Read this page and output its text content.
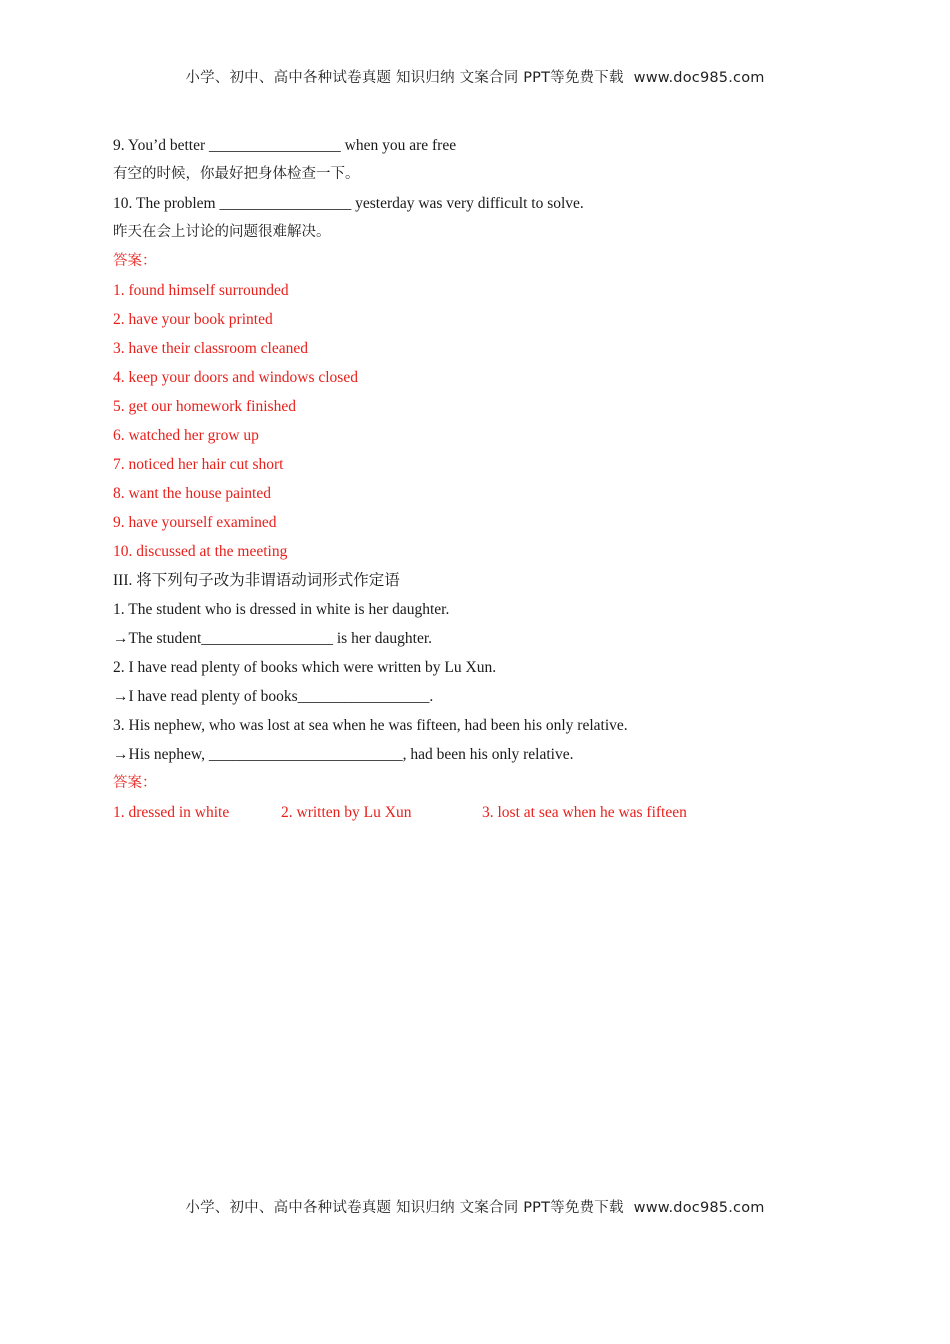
小学、初中、高中各种试卷真题 知识归纳 文案合同 PPT等免费下载 www.doc985.com
9. You’d better _________________ when you are free
有空的时候，你最好把身体检查一下。
10. The problem _________________ yesterday was very difficult to solve.
昨天在会上讨论的问题很难解决。
答案：
1. found himself surrounded
2. have your book printed
3. have their classroom cleaned
4. keep your doors and windows closed
5. get our homework finished
6. watched her grow up
7. noticed her hair cut short
8. want the house painted
9. have yourself examined
10. discussed at the meeting
III. 将下列句子改为非谓语动词形式作定语
1. The student who is dressed in white is her daughter.
→The student_________________ is her daughter.
2. I have read plenty of books which were written by Lu Xun.
→I have read plenty of books_________________.
3. His nephew, who was lost at sea when he was fifteen, had been his only relative.
→His nephew, _________________________, had been his only relative.
答案：
1. dressed in white	2. written by Lu Xun	3. lost at sea when he was fifteen
小学、初中、高中各种试卷真题 知识归纳 文案合同 PPT等免费下载 www.doc985.com
